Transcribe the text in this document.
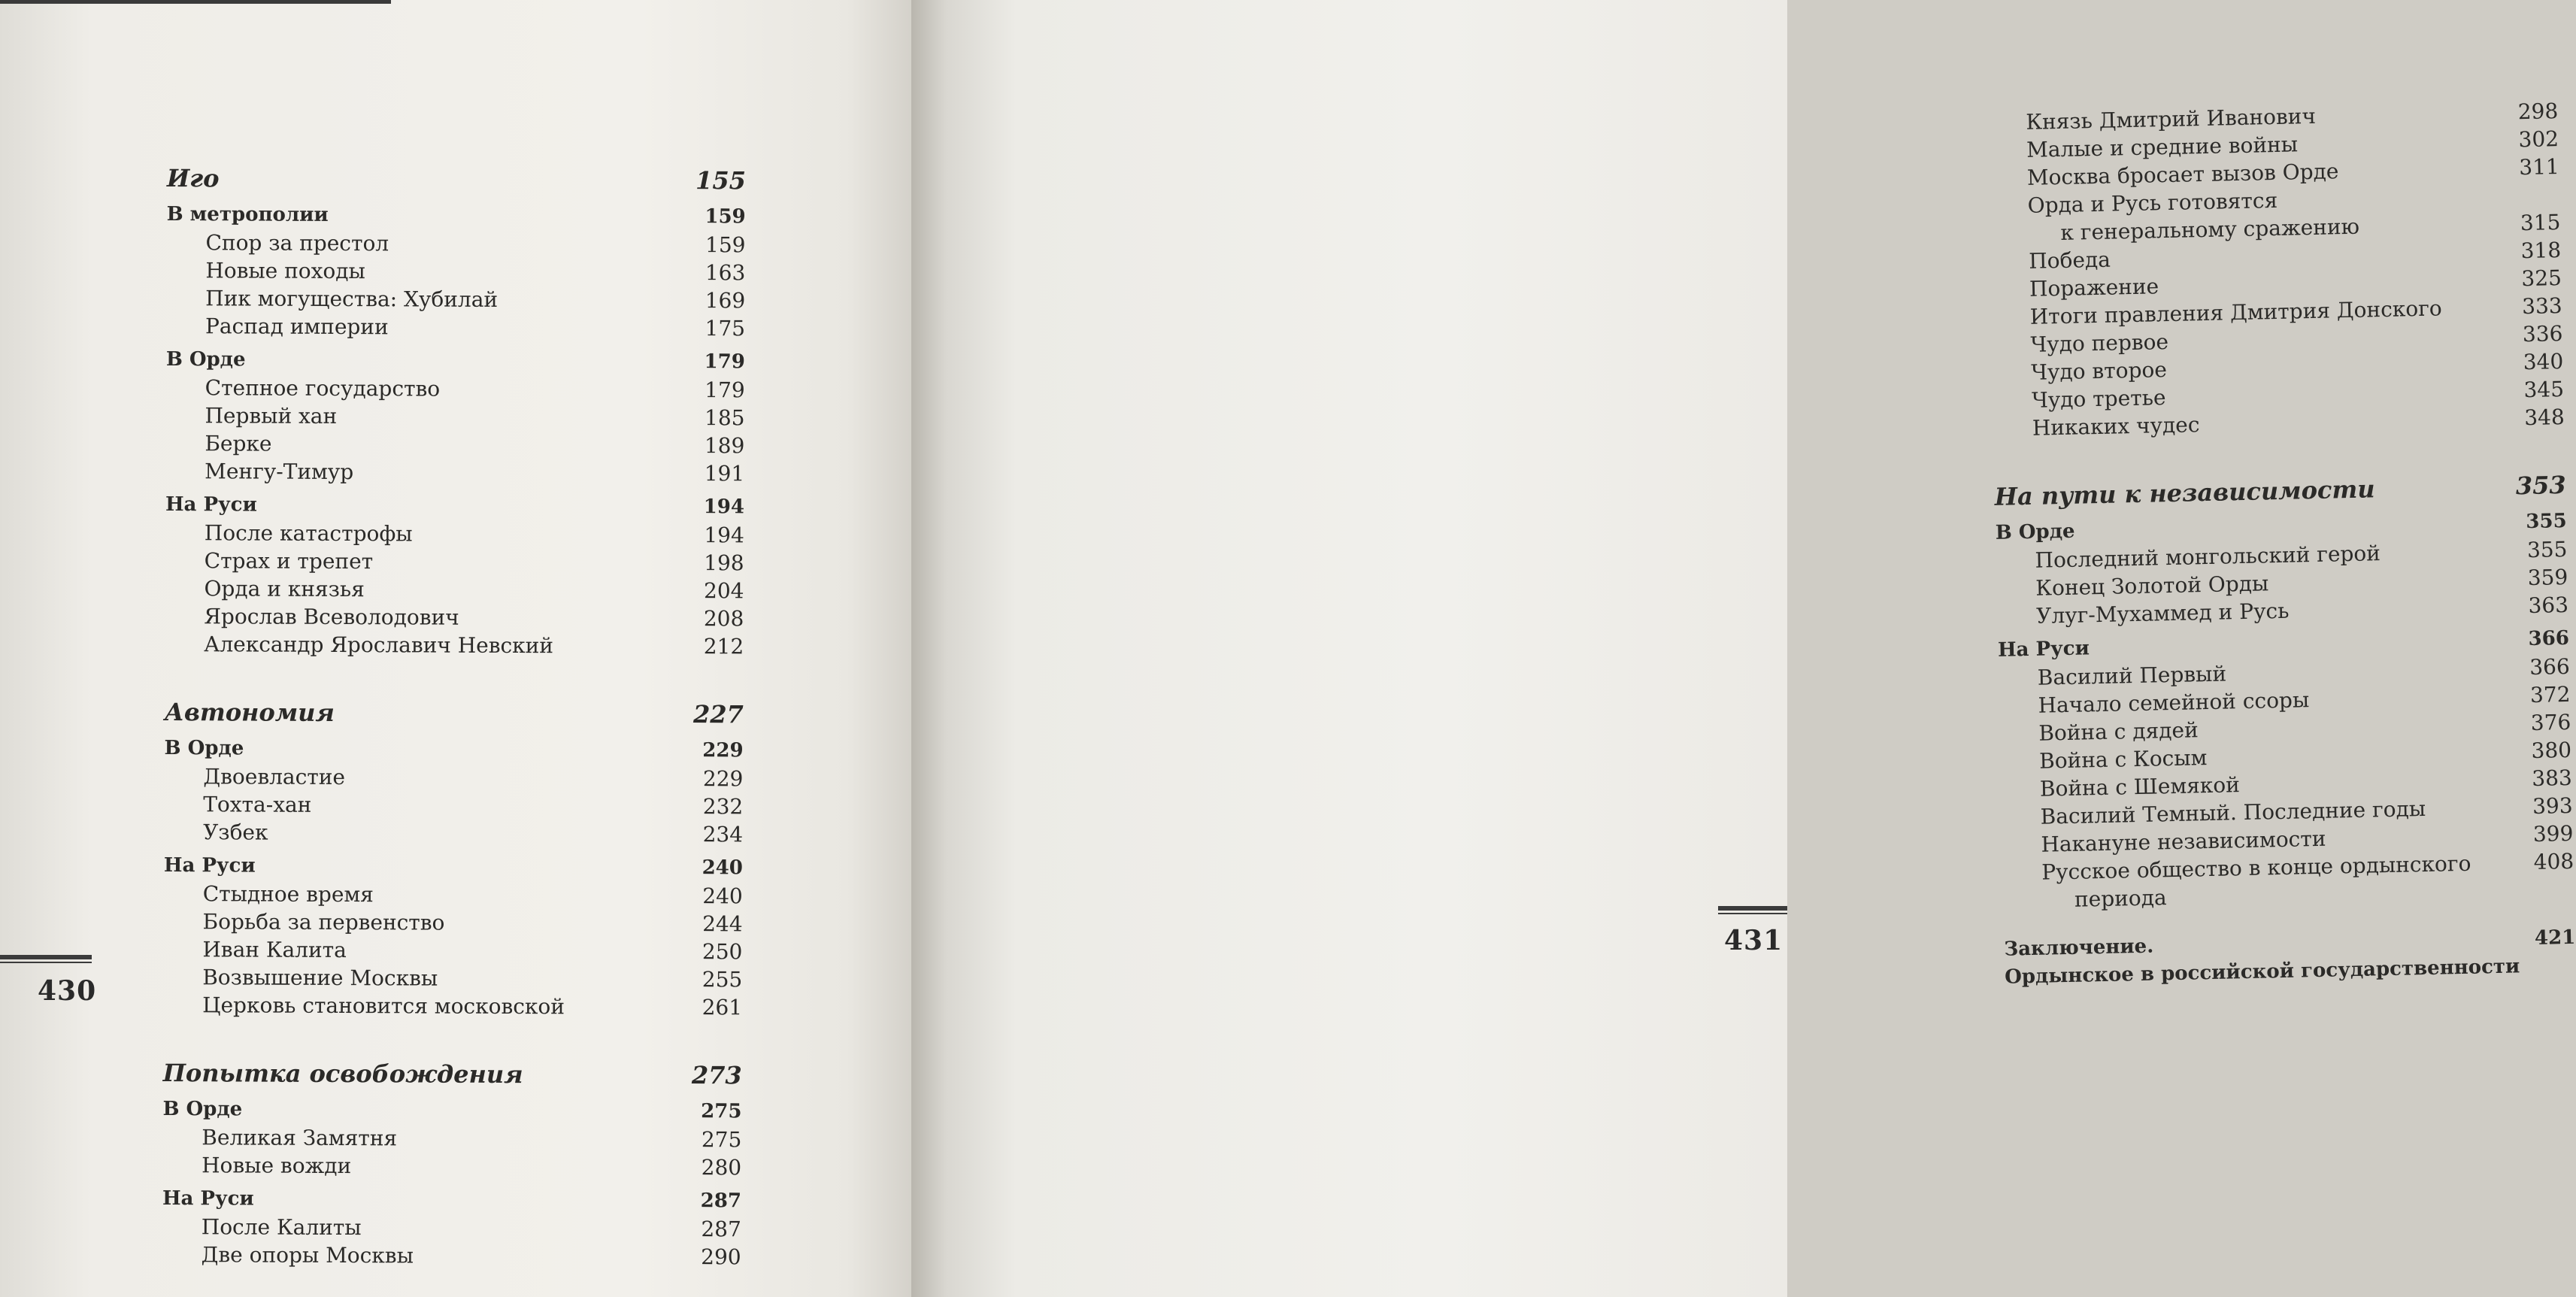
Иго	155
В метрополии	159
Спор за престол	159
Новые походы	163
Пик могущества: Хубилай	169
Распад империи	175
В Орде	179
Степное государство	179
Первый хан	185
Берке	189
Менгу-Тимур	191
На Руси	194
После катастрофы	194
Страх и трепет	198
Орда и князья	204
Ярослав Всеволодович	208
Александр Ярославич Невский	212
Автономия	227
В Орде	229
Двоевластие	229
Тохта-хан	232
Узбек	234
На Руси	240
Стыдное время	240
Борьба за первенство	244
Иван Калита	250
Возвышение Москвы	255
Церковь становится московской	261
Попытка освобождения	273
В Орде	275
Великая Замятня	275
Новые вожди	280
На Руси	287
После Калиты	287
Две опоры Москвы	290
430
Князь Дмитрий Иванович	298
Малые и средние войны	302
Москва бросает вызов Орде	311
Орда и Русь готовятся
к генеральному сражению	315
Победа	318
Поражение	325
Итоги правления Дмитрия Донского	333
Чудо первое	336
Чудо второе	340
Чудо третье	345
Никаких чудес	348
На пути к независимости	353
В Орде	355
Последний монгольский герой	355
Конец Золотой Орды	359
Улуг-Мухаммед и Русь	363
На Руси	366
Василий Первый	366
Начало семейной ссоры	372
Война с дядей	376
Война с Косым	380
Война с Шемякой	383
Василий Темный. Последние годы	393
Накануне независимости	399
Русское общество в конце ордынского	408
периода
Заключение.	421
Ордынское в российской государственности
431
